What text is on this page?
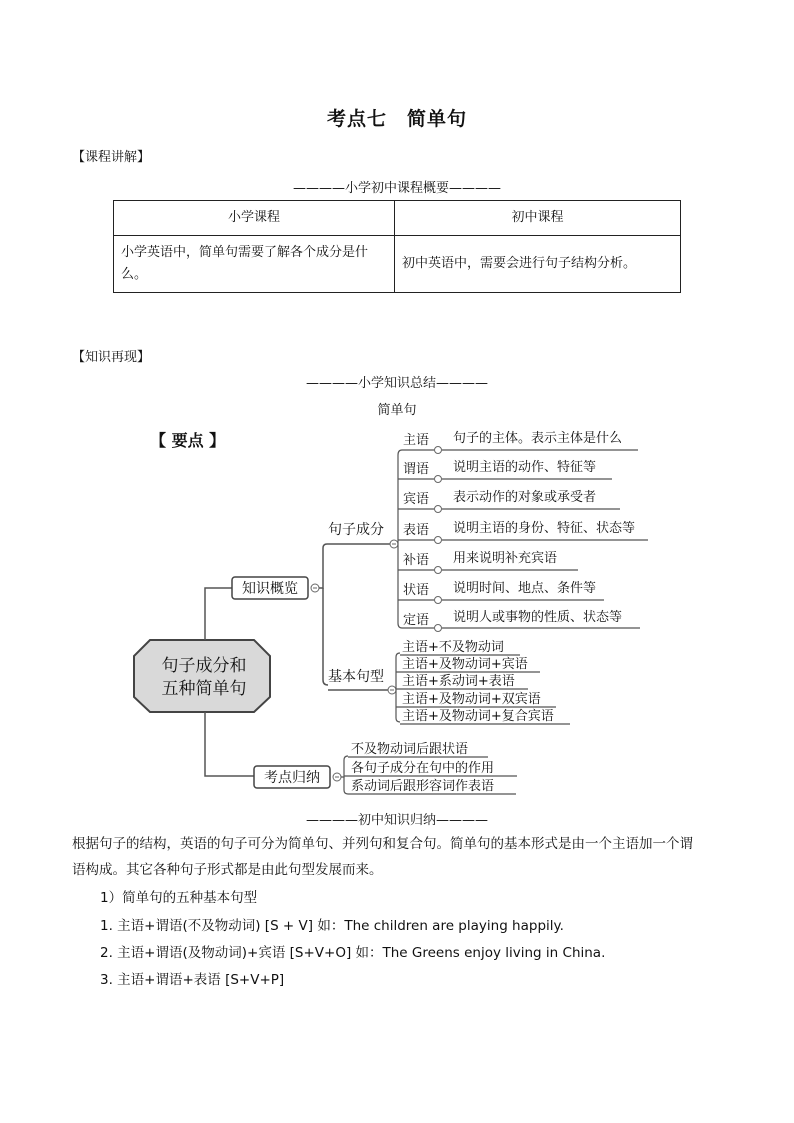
考点七　简单句
【课程讲解】
————小学初中课程概要————
小学课程	初中课程
小学英语中，简单句需要了解各个成分是什么。	初中英语中，需要会进行句子结构分析。
【知识再现】
————小学知识总结————
简单句
【 要点 】
句子成分和
五种简单句
知识概览
考点归纳
句子成分
基本句型
主语 句子的主体。表示主体是什么
谓语 说明主语的动作、特征等
宾语 表示动作的对象或承受者
表语 说明主语的身份、特征、状态等
补语 用来说明补充宾语
状语 说明时间、地点、条件等
定语 说明人或事物的性质、状态等
主语+不及物动词
主语+及物动词+宾语
主语+系动词+表语
主语+及物动词+双宾语
主语+及物动词+复合宾语
不及物动词后跟状语
各句子成分在句中的作用
系动词后跟形容词作表语
————初中知识归纳————
根据句子的结构，英语的句子可分为简单句、并列句和复合句。简单句的基本形式是由一个主语加一个谓
语构成。其它各种句子形式都是由此句型发展而来。
1）简单句的五种基本句型
1. 主语+谓语(不及物动词) [S + V] 如：The children are playing happily.
2. 主语+谓语(及物动词)+宾语 [S+V+O] 如：The Greens enjoy living in China.
3. 主语+谓语+表语 [S+V+P]
